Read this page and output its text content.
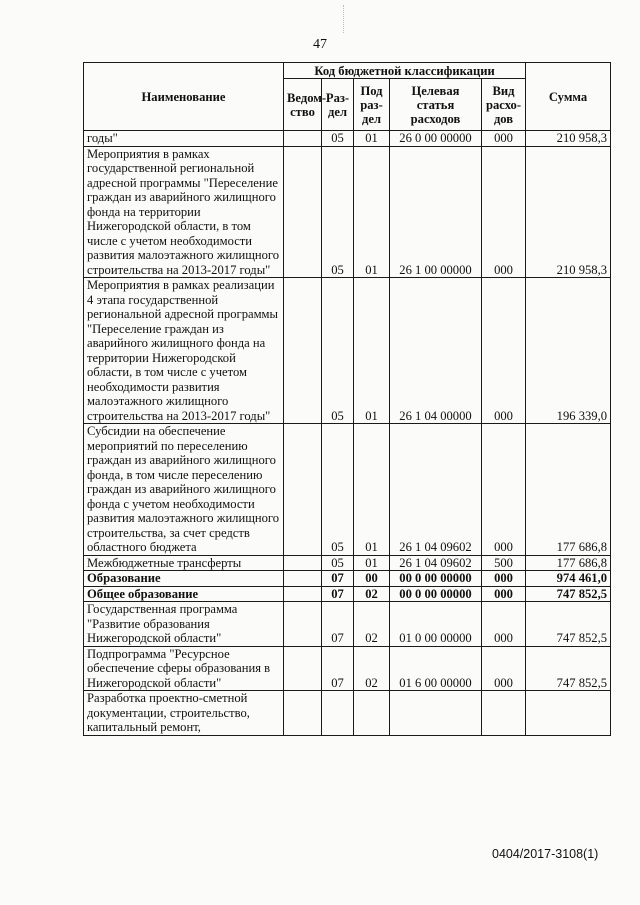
47
Наименование	Код бюджетной классификации					Сумма
	Ведом-ство	Раз-дел	Под раз-дел	Целевая статья расходов	Вид расхо-дов	
годы"		05	01	26 0 00 00000	000	210 958,3
Мероприятия в рамках государственной региональной адресной программы "Переселение граждан из аварийного жилищного фонда на территории Нижегородской области, в том числе с учетом необходимости развития малоэтажного жилищного строительства на 2013-2017 годы"		05	01	26 1 00 00000	000	210 958,3
Мероприятия в рамках реализации 4 этапа государственной региональной адресной программы "Переселение граждан из аварийного жилищного фонда на территории Нижегородской области, в том числе с учетом необходимости развития малоэтажного жилищного строительства на 2013-2017 годы"		05	01	26 1 04 00000	000	196 339,0
Субсидии на обеспечение мероприятий по переселению граждан из аварийного жилищного фонда, в том числе переселению граждан из аварийного жилищного фонда с учетом необходимости развития малоэтажного жилищного строительства, за счет средств областного бюджета		05	01	26 1 04 09602	000	177 686,8
Межбюджетные трансферты		05	01	26 1 04 09602	500	177 686,8
Образование		07	00	00 0 00 00000	000	974 461,0
Общее образование		07	02	00 0 00 00000	000	747 852,5
Государственная программа "Развитие образования Нижегородской области"		07	02	01 0 00 00000	000	747 852,5
Подпрограмма "Ресурсное обеспечение сферы образования в Нижегородской области"		07	02	01 6 00 00000	000	747 852,5
Разработка проектно-сметной документации, строительство, капитальный ремонт,						
0404/2017-3108(1)
